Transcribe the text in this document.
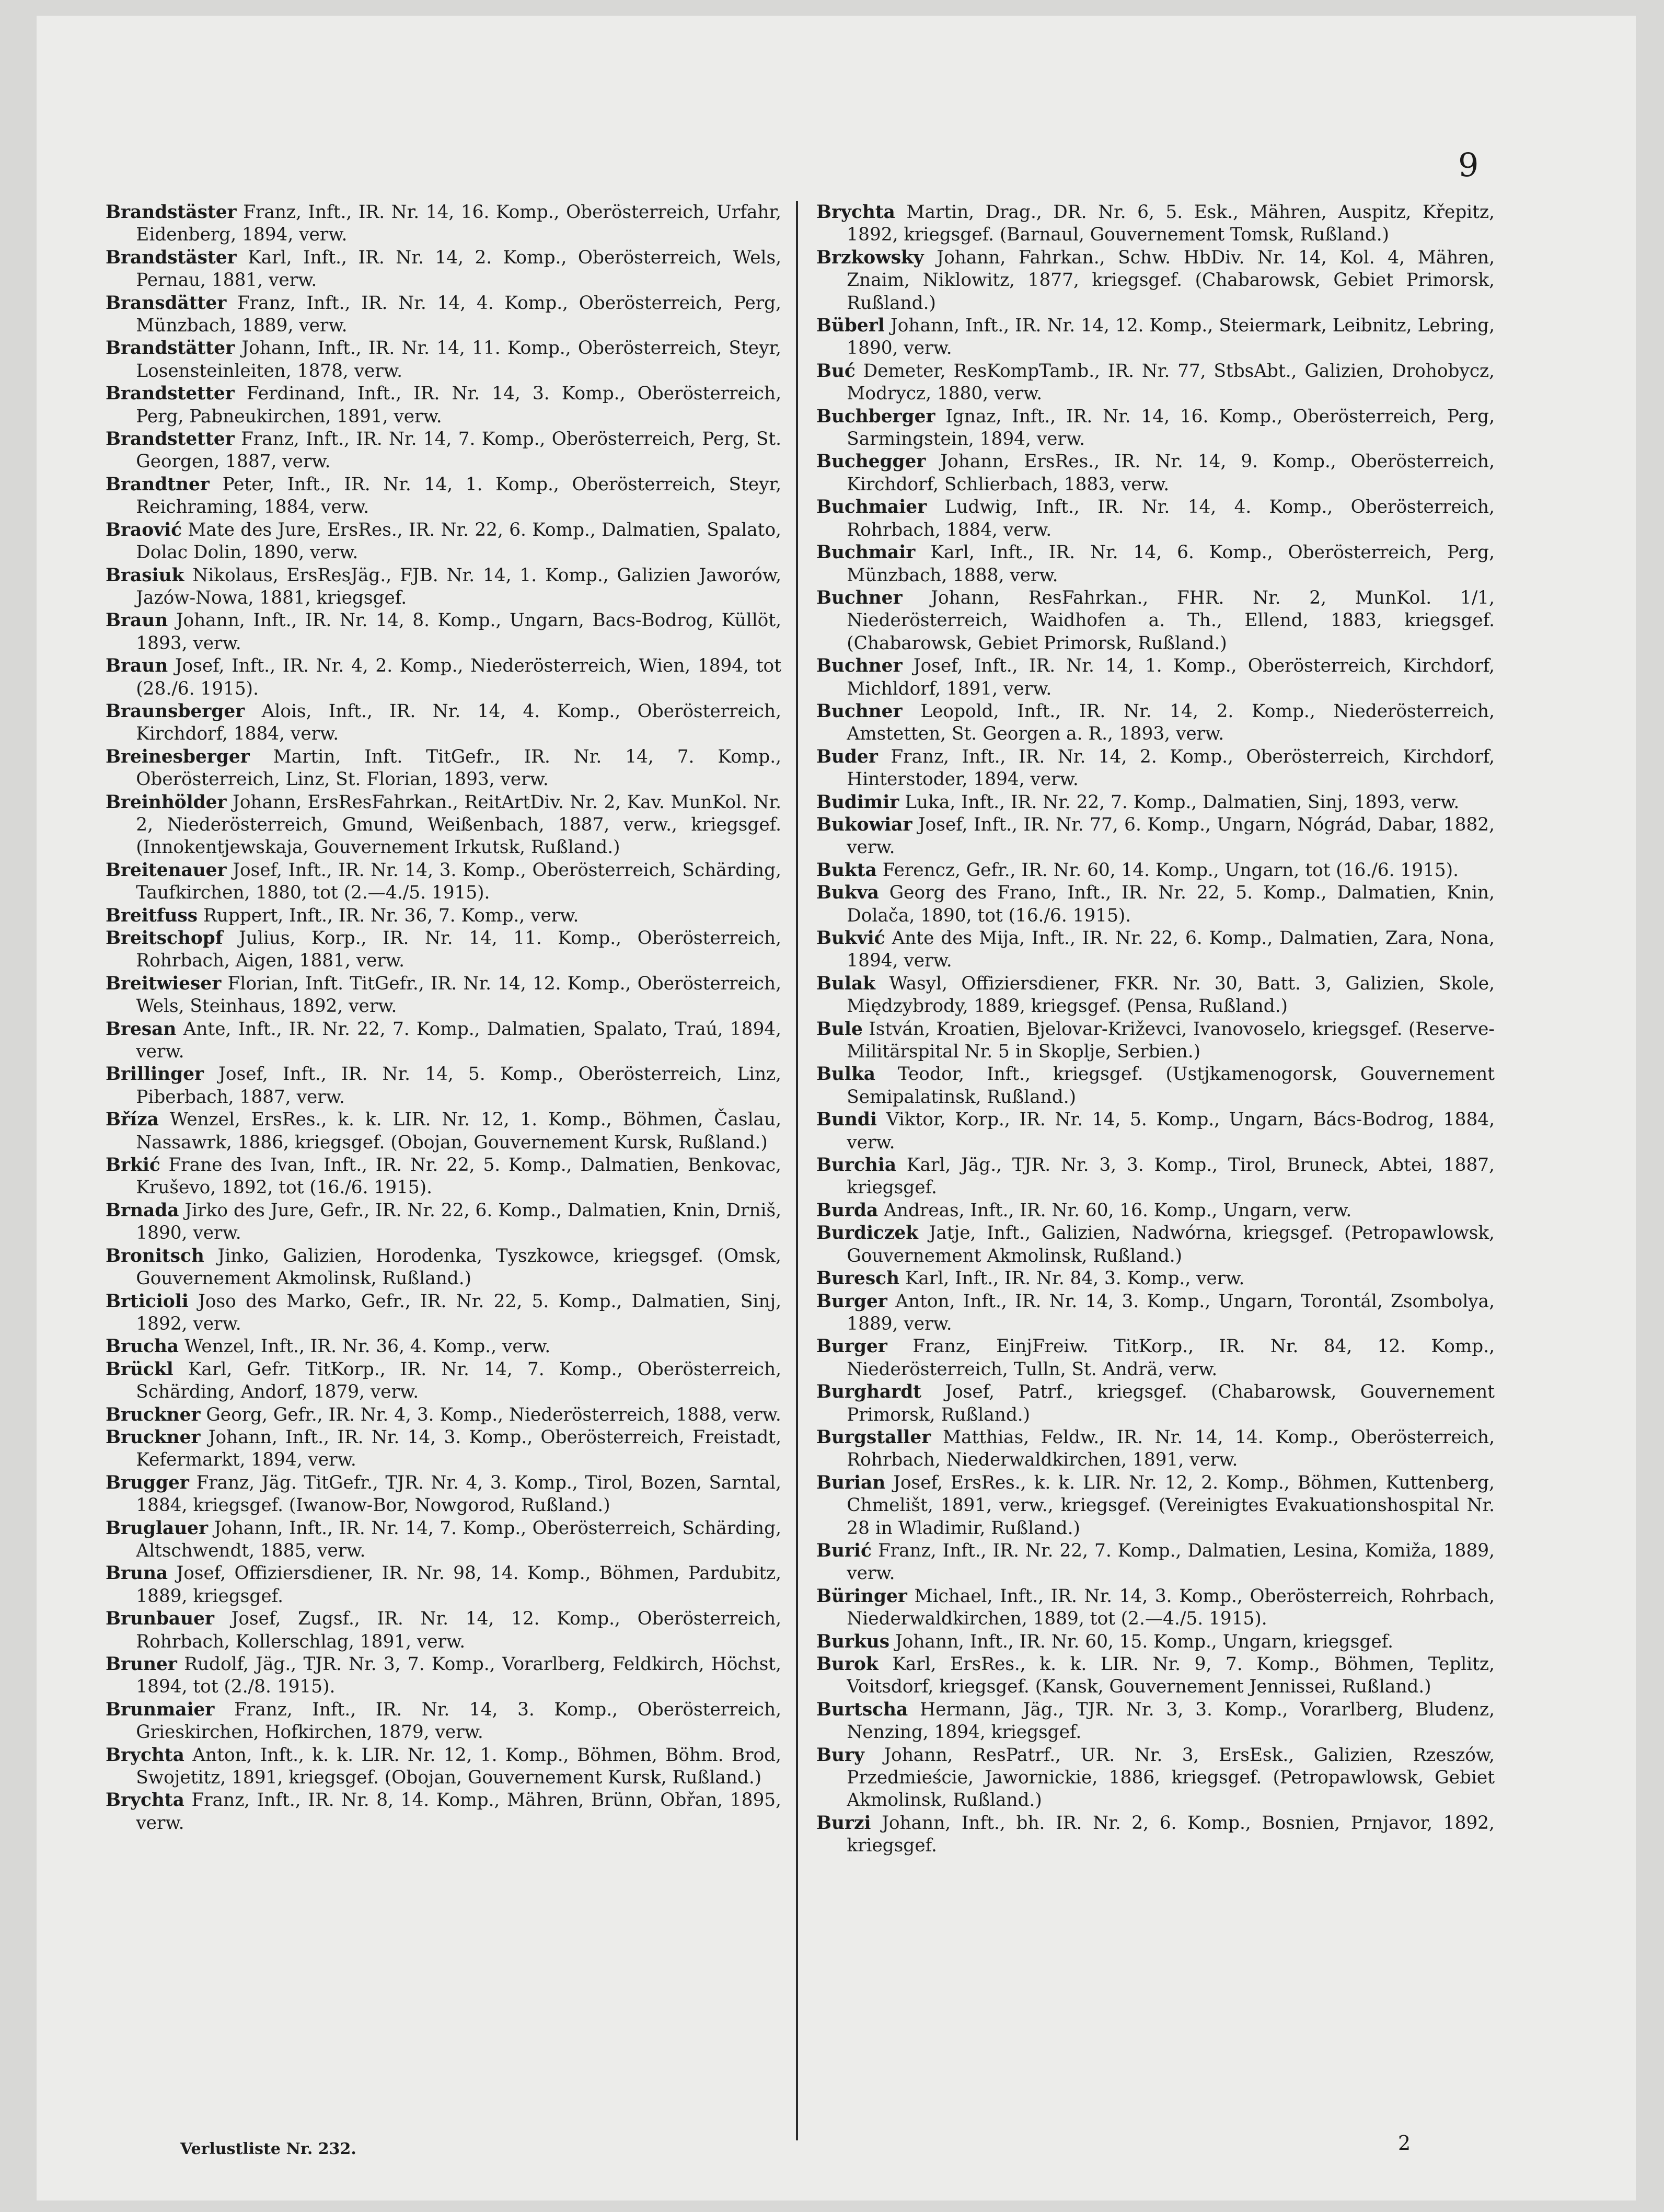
9

Brandstäster Franz, Inft., IR. Nr. 14, 16. Komp., Oberösterreich, Urfahr, Eidenberg, 1894, verw.

Brandstäster Karl, Inft., IR. Nr. 14, 2. Komp., Oberösterreich, Wels, Pernau, 1881, verw.

Bransdätter Franz, Inft., IR. Nr. 14, 4. Komp., Oberösterreich, Perg, Münzbach, 1889, verw.

Brandstätter Johann, Inft., IR. Nr. 14, 11. Komp., Oberösterreich, Steyr, Losensteinleiten, 1878, verw.

Brandstetter Ferdinand, Inft., IR. Nr. 14, 3. Komp., Oberösterreich, Perg, Pabneukirchen, 1891, verw.

Brandstetter Franz, Inft., IR. Nr. 14, 7. Komp., Oberösterreich, Perg, St. Georgen, 1887, verw.

Brandtner Peter, Inft., IR. Nr. 14, 1. Komp., Oberösterreich, Steyr, Reichraming, 1884, verw.

Braović Mate des Jure, ErsRes., IR. Nr. 22, 6. Komp., Dalmatien, Spalato, Dolac Dolin, 1890, verw.

Brasiuk Nikolaus, ErsResJäg., FJB. Nr. 14, 1. Komp., Galizien Jaworów, Jazów-Nowa, 1881, kriegsgef.

Braun Johann, Inft., IR. Nr. 14, 8. Komp., Ungarn, Bacs-Bodrog, Küllöt, 1893, verw.

Braun Josef, Inft., IR. Nr. 4, 2. Komp., Niederösterreich, Wien, 1894, tot (28./6. 1915).

Braunsberger Alois, Inft., IR. Nr. 14, 4. Komp., Oberösterreich, Kirchdorf, 1884, verw.

Breinesberger Martin, Inft. TitGefr., IR. Nr. 14, 7. Komp., Oberösterreich, Linz, St. Florian, 1893, verw.

Breinhölder Johann, ErsResFahrkan., ReitArtDiv. Nr. 2, Kav. MunKol. Nr. 2, Niederösterreich, Gmund, Weißenbach, 1887, verw., kriegsgef. (Innokentjewskaja, Gouvernement Irkutsk, Rußland.)

Breitenauer Josef, Inft., IR. Nr. 14, 3. Komp., Oberösterreich, Schärding, Taufkirchen, 1880, tot (2.—4./5. 1915).

Breitfuss Ruppert, Inft., IR. Nr. 36, 7. Komp., verw.

Breitschopf Julius, Korp., IR. Nr. 14, 11. Komp., Oberösterreich, Rohrbach, Aigen, 1881, verw.

Breitwieser Florian, Inft. TitGefr., IR. Nr. 14, 12. Komp., Oberösterreich, Wels, Steinhaus, 1892, verw.

Bresan Ante, Inft., IR. Nr. 22, 7. Komp., Dalmatien, Spalato, Traú, 1894, verw.

Brillinger Josef, Inft., IR. Nr. 14, 5. Komp., Oberösterreich, Linz, Piberbach, 1887, verw.

Bříza Wenzel, ErsRes., k. k. LIR. Nr. 12, 1. Komp., Böhmen, Časlau, Nassawrk, 1886, kriegsgef. (Obojan, Gouvernement Kursk, Rußland.)

Brkić Frane des Ivan, Inft., IR. Nr. 22, 5. Komp., Dalmatien, Benkovac, Kruševo, 1892, tot (16./6. 1915).

Brnada Jirko des Jure, Gefr., IR. Nr. 22, 6. Komp., Dalmatien, Knin, Drniš, 1890, verw.

Bronitsch Jinko, Galizien, Horodenka, Tyszkowce, kriegsgef. (Omsk, Gouvernement Akmolinsk, Rußland.)

Brticioli Joso des Marko, Gefr., IR. Nr. 22, 5. Komp., Dalmatien, Sinj, 1892, verw.

Brucha Wenzel, Inft., IR. Nr. 36, 4. Komp., verw.

Brückl Karl, Gefr. TitKorp., IR. Nr. 14, 7. Komp., Oberösterreich, Schärding, Andorf, 1879, verw.

Bruckner Georg, Gefr., IR. Nr. 4, 3. Komp., Niederösterreich, 1888, verw.

Bruckner Johann, Inft., IR. Nr. 14, 3. Komp., Oberösterreich, Freistadt, Kefermarkt, 1894, verw.

Brugger Franz, Jäg. TitGefr., TJR. Nr. 4, 3. Komp., Tirol, Bozen, Sarntal, 1884, kriegsgef. (Iwanow-Bor, Nowgorod, Rußland.)

Bruglauer Johann, Inft., IR. Nr. 14, 7. Komp., Oberösterreich, Schärding, Altschwendt, 1885, verw.

Bruna Josef, Offiziersdiener, IR. Nr. 98, 14. Komp., Böhmen, Pardubitz, 1889, kriegsgef.

Brunbauer Josef, Zugsf., IR. Nr. 14, 12. Komp., Oberösterreich, Rohrbach, Kollerschlag, 1891, verw.

Bruner Rudolf, Jäg., TJR. Nr. 3, 7. Komp., Vorarlberg, Feldkirch, Höchst, 1894, tot (2./8. 1915).

Brunmaier Franz, Inft., IR. Nr. 14, 3. Komp., Oberösterreich, Grieskirchen, Hofkirchen, 1879, verw.

Brychta Anton, Inft., k. k. LIR. Nr. 12, 1. Komp., Böhmen, Böhm. Brod, Swojetitz, 1891, kriegsgef. (Obojan, Gouvernement Kursk, Rußland.)

Brychta Franz, Inft., IR. Nr. 8, 14. Komp., Mähren, Brünn, Obřan, 1895, verw.

Brychta Martin, Drag., DR. Nr. 6, 5. Esk., Mähren, Auspitz, Křepitz, 1892, kriegsgef. (Barnaul, Gouvernement Tomsk, Rußland.)

Brzkowsky Johann, Fahrkan., Schw. HbDiv. Nr. 14, Kol. 4, Mähren, Znaim, Niklowitz, 1877, kriegsgef. (Chabarowsk, Gebiet Primorsk, Rußland.)

Büberl Johann, Inft., IR. Nr. 14, 12. Komp., Steiermark, Leibnitz, Lebring, 1890, verw.

Buć Demeter, ResKompTamb., IR. Nr. 77, StbsAbt., Galizien, Drohobycz, Modrycz, 1880, verw.

Buchberger Ignaz, Inft., IR. Nr. 14, 16. Komp., Oberösterreich, Perg, Sarmingstein, 1894, verw.

Buchegger Johann, ErsRes., IR. Nr. 14, 9. Komp., Oberösterreich, Kirchdorf, Schlierbach, 1883, verw.

Buchmaier Ludwig, Inft., IR. Nr. 14, 4. Komp., Oberösterreich, Rohrbach, 1884, verw.

Buchmair Karl, Inft., IR. Nr. 14, 6. Komp., Oberösterreich, Perg, Münzbach, 1888, verw.

Buchner Johann, ResFahrkan., FHR. Nr. 2, MunKol. 1/1, Niederösterreich, Waidhofen a. Th., Ellend, 1883, kriegsgef. (Chabarowsk, Gebiet Primorsk, Rußland.)

Buchner Josef, Inft., IR. Nr. 14, 1. Komp., Oberösterreich, Kirchdorf, Michldorf, 1891, verw.

Buchner Leopold, Inft., IR. Nr. 14, 2. Komp., Niederösterreich, Amstetten, St. Georgen a. R., 1893, verw.

Buder Franz, Inft., IR. Nr. 14, 2. Komp., Oberösterreich, Kirchdorf, Hinterstoder, 1894, verw.

Budimir Luka, Inft., IR. Nr. 22, 7. Komp., Dalmatien, Sinj, 1893, verw.

Bukowiar Josef, Inft., IR. Nr. 77, 6. Komp., Ungarn, Nógrád, Dabar, 1882, verw.

Bukta Ferencz, Gefr., IR. Nr. 60, 14. Komp., Ungarn, tot (16./6. 1915).

Bukva Georg des Frano, Inft., IR. Nr. 22, 5. Komp., Dalmatien, Knin, Dolača, 1890, tot (16./6. 1915).

Bukvić Ante des Mija, Inft., IR. Nr. 22, 6. Komp., Dalmatien, Zara, Nona, 1894, verw.

Bulak Wasyl, Offiziersdiener, FKR. Nr. 30, Batt. 3, Galizien, Skole, Międzybrody, 1889, kriegsgef. (Pensa, Rußland.)

Bule István, Kroatien, Bjelovar-Križevci, Ivanovoselo, kriegsgef. (Reserve-Militärspital Nr. 5 in Skoplje, Serbien.)

Bulka Teodor, Inft., kriegsgef. (Ustjkamenogorsk, Gouvernement Semipalatinsk, Rußland.)

Bundi Viktor, Korp., IR. Nr. 14, 5. Komp., Ungarn, Bács-Bodrog, 1884, verw.

Burchia Karl, Jäg., TJR. Nr. 3, 3. Komp., Tirol, Bruneck, Abtei, 1887, kriegsgef.

Burda Andreas, Inft., IR. Nr. 60, 16. Komp., Ungarn, verw.

Burdiczek Jatje, Inft., Galizien, Nadwórna, kriegsgef. (Petropawlowsk, Gouvernement Akmolinsk, Rußland.)

Buresch Karl, Inft., IR. Nr. 84, 3. Komp., verw.

Burger Anton, Inft., IR. Nr. 14, 3. Komp., Ungarn, Torontál, Zsombolya, 1889, verw.

Burger Franz, EinjFreiw. TitKorp., IR. Nr. 84, 12. Komp., Niederösterreich, Tulln, St. Andrä, verw.

Burghardt Josef, Patrf., kriegsgef. (Chabarowsk, Gouvernement Primorsk, Rußland.)

Burgstaller Matthias, Feldw., IR. Nr. 14, 14. Komp., Oberösterreich, Rohrbach, Niederwaldkirchen, 1891, verw.

Burian Josef, ErsRes., k. k. LIR. Nr. 12, 2. Komp., Böhmen, Kuttenberg, Chmelišt, 1891, verw., kriegsgef. (Vereinigtes Evakuationshospital Nr. 28 in Wladimir, Rußland.)

Burić Franz, Inft., IR. Nr. 22, 7. Komp., Dalmatien, Lesina, Komiža, 1889, verw.

Büringer Michael, Inft., IR. Nr. 14, 3. Komp., Oberösterreich, Rohrbach, Niederwaldkirchen, 1889, tot (2.—4./5. 1915).

Burkus Johann, Inft., IR. Nr. 60, 15. Komp., Ungarn, kriegsgef.

Burok Karl, ErsRes., k. k. LIR. Nr. 9, 7. Komp., Böhmen, Teplitz, Voitsdorf, kriegsgef. (Kansk, Gouvernement Jennissei, Rußland.)

Burtscha Hermann, Jäg., TJR. Nr. 3, 3. Komp., Vorarlberg, Bludenz, Nenzing, 1894, kriegsgef.

Bury Johann, ResPatrf., UR. Nr. 3, ErsEsk., Galizien, Rzeszów, Przedmieście, Jawornickie, 1886, kriegsgef. (Petropawlowsk, Gebiet Akmolinsk, Rußland.)

Burzi Johann, Inft., bh. IR. Nr. 2, 6. Komp., Bosnien, Prnjavor, 1892, kriegsgef.

Verlustliste Nr. 232.	2
